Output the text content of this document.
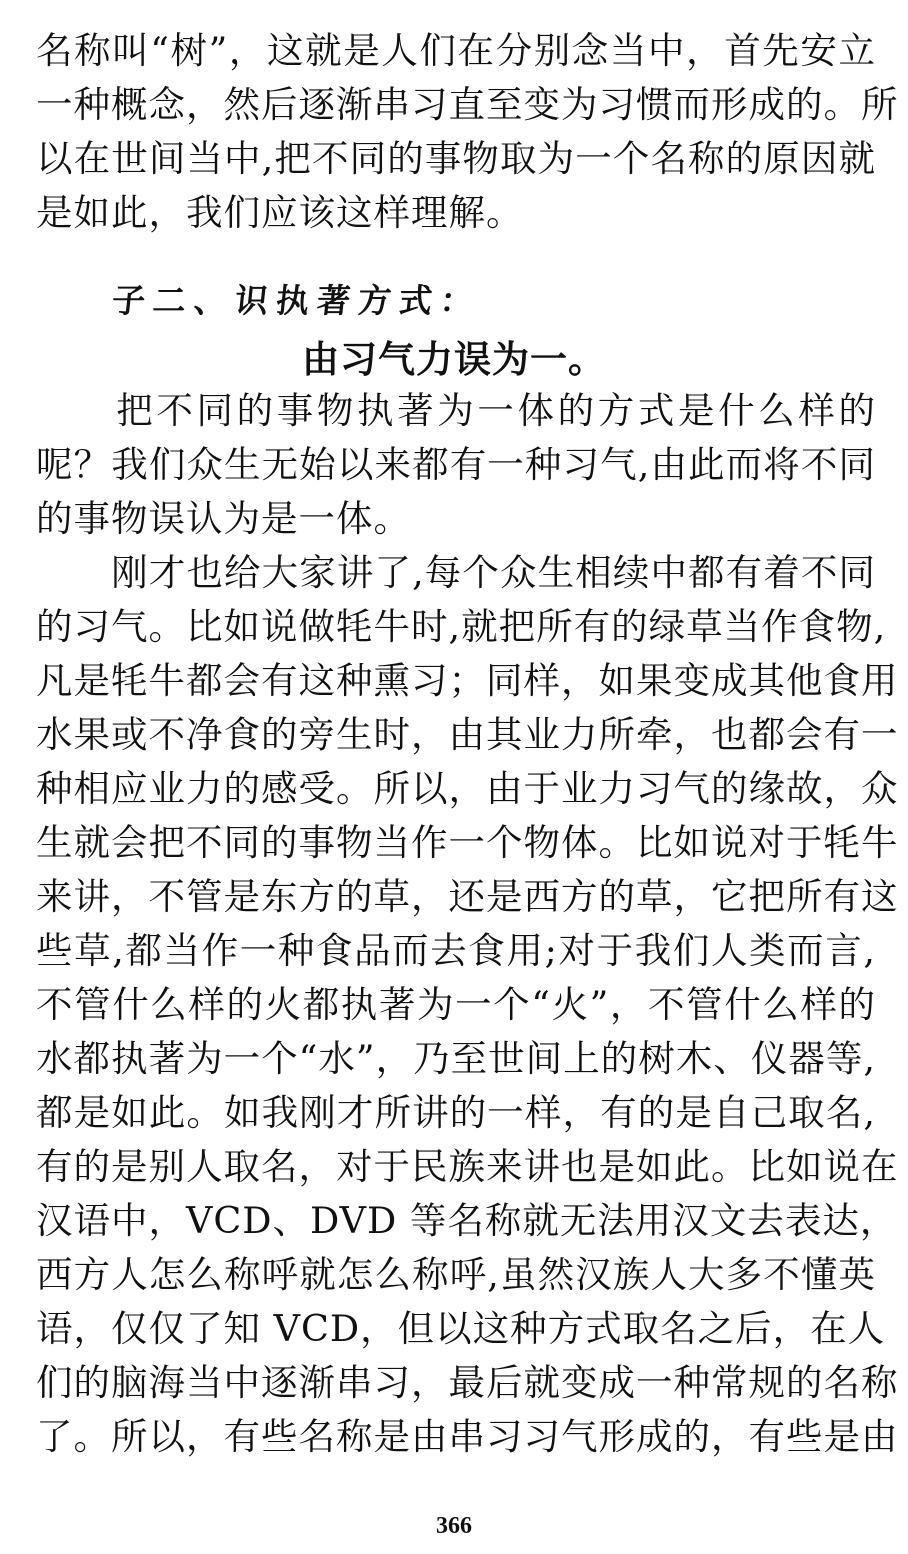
名称叫“树”，这就是人们在分别念当中，首先安立
一种概念，然后逐渐串习直至变为习惯而形成的。所
以在世间当中,把不同的事物取为一个名称的原因就
是如此，我们应该这样理解。

子二、识执著方式：
由习气力误为一。

　　把不同的事物执著为一体的方式是什么样的
呢？我们众生无始以来都有一种习气,由此而将不同
的事物误认为是一体。

　　刚才也给大家讲了,每个众生相续中都有着不同
的习气。比如说做牦牛时,就把所有的绿草当作食物,
凡是牦牛都会有这种熏习；同样，如果变成其他食用
水果或不净食的旁生时，由其业力所牵，也都会有一
种相应业力的感受。所以，由于业力习气的缘故，众
生就会把不同的事物当作一个物体。比如说对于牦牛
来讲，不管是东方的草，还是西方的草，它把所有这
些草,都当作一种食品而去食用;对于我们人类而言,
不管什么样的火都执著为一个“火”，不管什么样的
水都执著为一个“水”，乃至世间上的树木、仪器等,
都是如此。如我刚才所讲的一样，有的是自己取名,
有的是别人取名，对于民族来讲也是如此。比如说在
汉语中，VCD、DVD 等名称就无法用汉文去表达，
西方人怎么称呼就怎么称呼,虽然汉族人大多不懂英
语，仅仅了知 VCD，但以这种方式取名之后，在人
们的脑海当中逐渐串习，最后就变成一种常规的名称
了。所以，有些名称是由串习习气形成的，有些是由

366
